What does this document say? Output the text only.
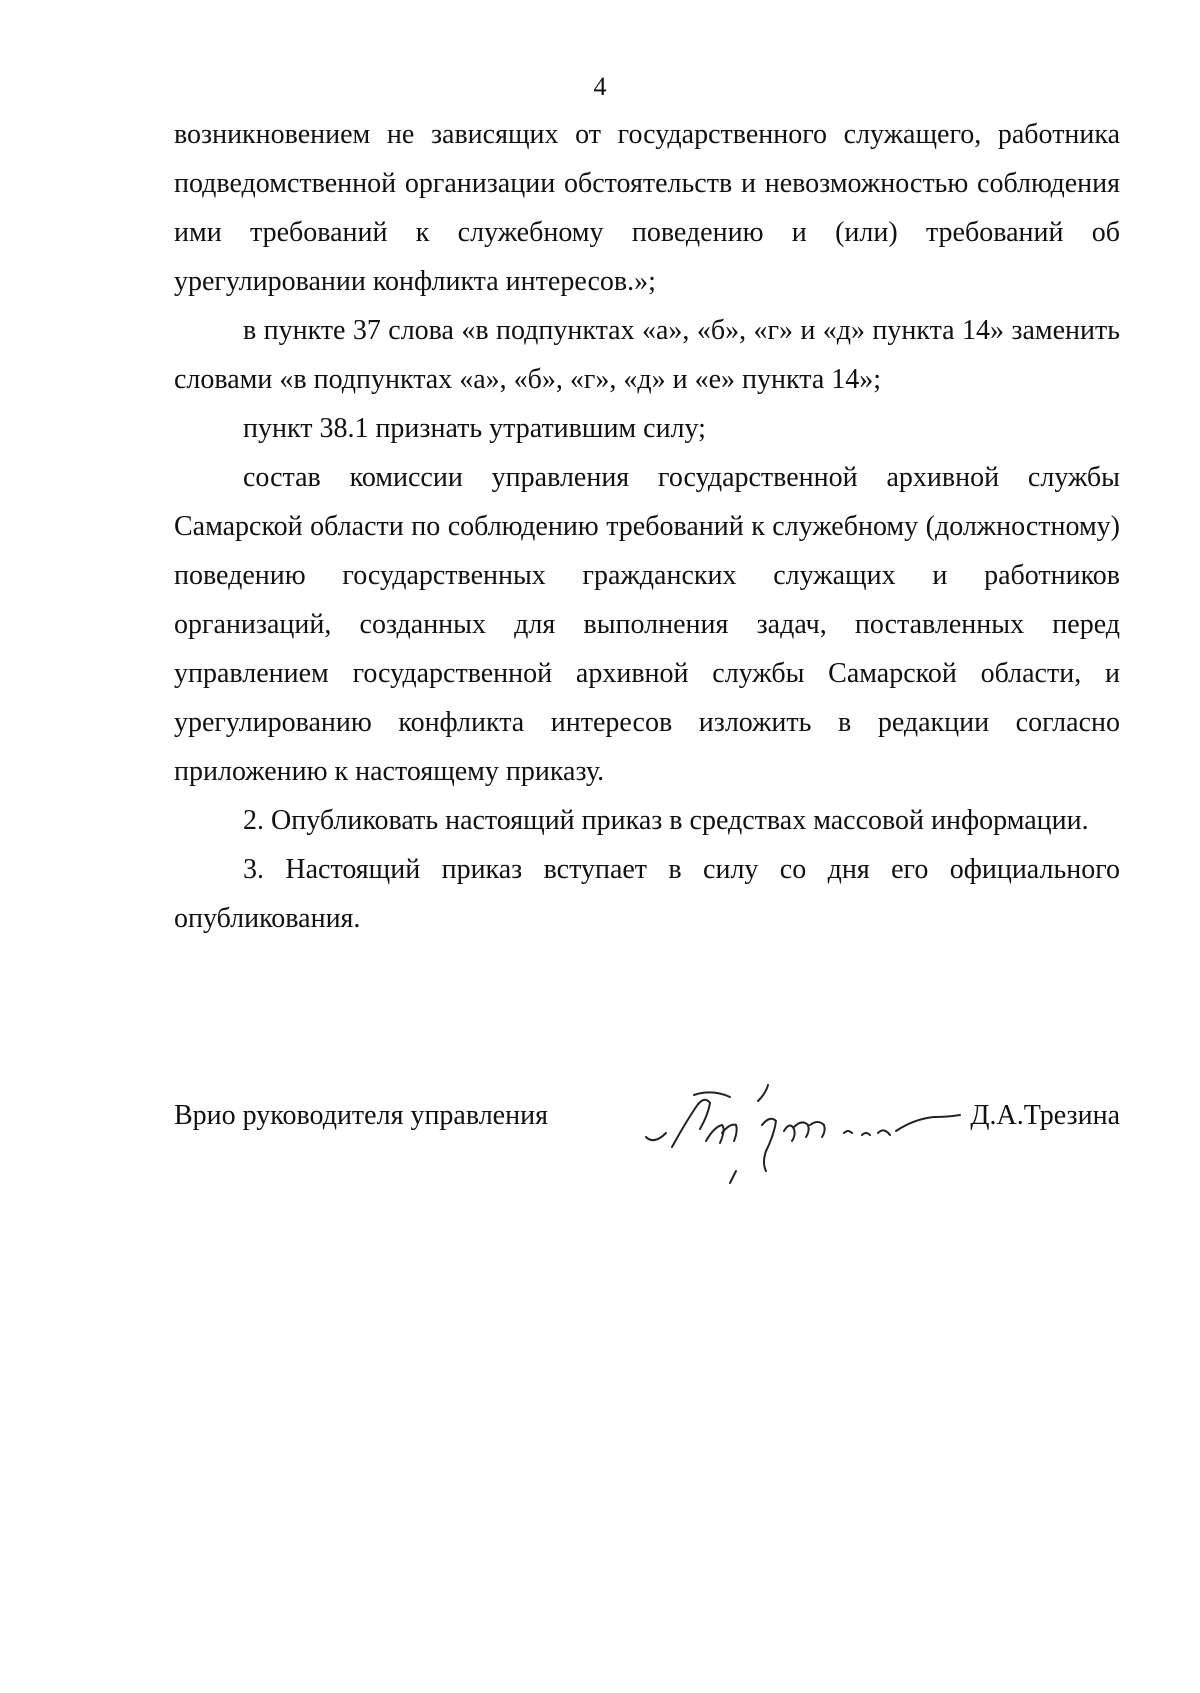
4

возникновением не зависящих от государственного служащего, работника подведомственной организации обстоятельств и невозможностью соблюдения ими требований к служебному поведению и (или) требований об урегулировании конфликта интересов.»;

в пункте 37 слова «в подпунктах «а», «б», «г» и «д» пункта 14» заменить словами «в подпунктах «а», «б», «г», «д» и «е» пункта 14»;

пункт 38.1 признать утратившим силу;

состав комиссии управления государственной архивной службы Самарской области по соблюдению требований к служебному (должностному) поведению государственных гражданских служащих и работников организаций, созданных для выполнения задач, поставленных перед управлением государственной архивной службы Самарской области, и урегулированию конфликта интересов изложить в редакции согласно приложению к настоящему приказу.

2. Опубликовать настоящий приказ в средствах массовой информации.

3. Настоящий приказ вступает в силу со дня его официального опубликования.

Врио руководителя управления	Д.А.Трезина
